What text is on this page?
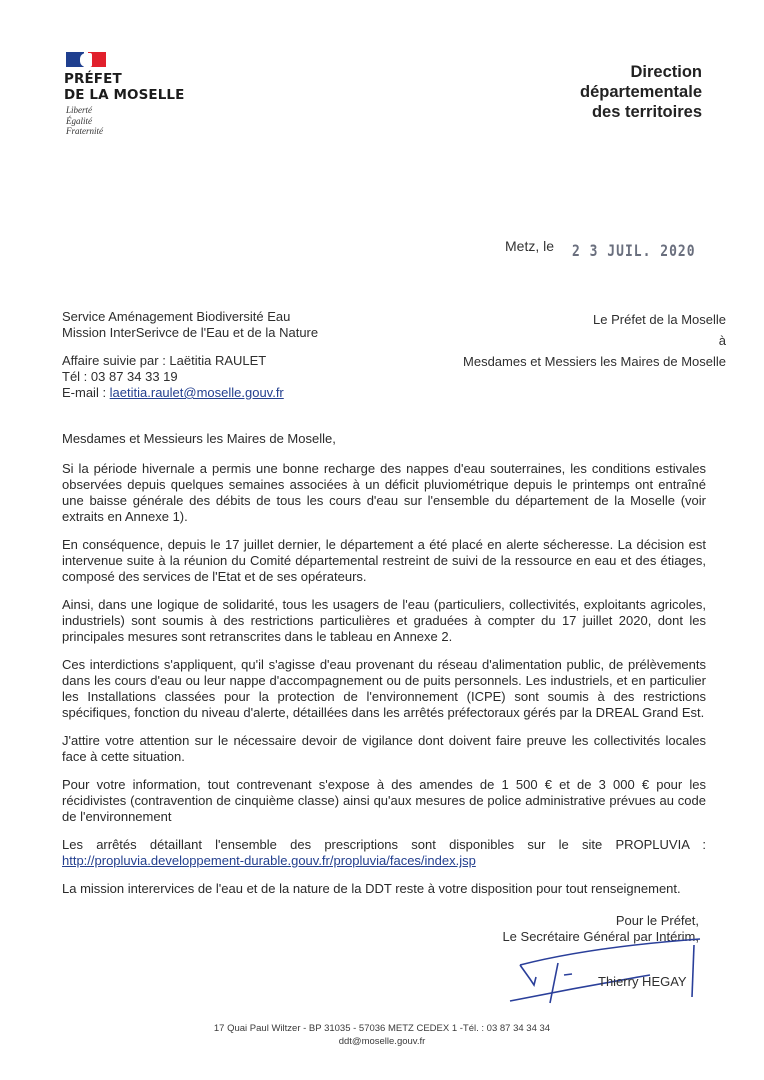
PRÉFET
DE LA MOSELLE
Liberté
Égalité
Fraternité
Direction
départementale
des territoires
Metz, le 2 3 JUIL. 2020
Service Aménagement Biodiversité Eau
Mission InterSerivce de l'Eau et de la Nature
Affaire suivie par : Laëtitia RAULET
Tél : 03 87 34 33 19
E-mail : laetitia.raulet@moselle.gouv.fr
Le Préfet de la Moselle
à
Mesdames et Messiers les Maires de Moselle

Mesdames et Messieurs les Maires de Moselle,

Si la période hivernale a permis une bonne recharge des nappes d'eau souterraines, les conditions estivales observées depuis quelques semaines associées à un déficit pluviométrique depuis le printemps ont entraîné une baisse générale des débits de tous les cours d'eau sur l'ensemble du département de la Moselle (voir extraits en Annexe 1).

En conséquence, depuis le 17 juillet dernier, le département a été placé en alerte sécheresse. La décision est intervenue suite à la réunion du Comité départemental restreint de suivi de la ressource en eau et des étiages, composé des services de l'Etat et de ses opérateurs.

Ainsi, dans une logique de solidarité, tous les usagers de l'eau (particuliers, collectivités, exploitants agricoles, industriels) sont soumis à des restrictions particulières et graduées à compter du 17 juillet 2020, dont les principales mesures sont retranscrites dans le tableau en Annexe 2.

Ces interdictions s'appliquent, qu'il s'agisse d'eau provenant du réseau d'alimentation public, de prélèvements dans les cours d'eau ou leur nappe d'accompagnement ou de puits personnels. Les industriels, et en particulier les Installations classées pour la protection de l'environnement (ICPE) sont soumis à des restrictions spécifiques, fonction du niveau d'alerte, détaillées dans les arrêtés préfectoraux gérés par la DREAL Grand Est.

J'attire votre attention sur le nécessaire devoir de vigilance dont doivent faire preuve les collectivités locales face à cette situation.

Pour votre information, tout contrevenant s'expose à des amendes de 1 500 € et de 3 000 € pour les récidivistes (contravention de cinquième classe) ainsi qu'aux mesures de police administrative prévues au code de l'environnement

Les arrêtés détaillant l'ensemble des prescriptions sont disponibles sur le site PROPLUVIA :
http://propluvia.developpement-durable.gouv.fr/propluvia/faces/index.jsp

La mission interervices de l'eau et de la nature de la DDT reste à votre disposition pour tout renseignement.

Pour le Préfet,
Le Secrétaire Général par Intérim,
Thierry HEGAY
17 Quai Paul Wiltzer - BP 31035 - 57036 METZ CEDEX 1 -Tél. : 03 87 34 34 34
ddt@moselle.gouv.fr
